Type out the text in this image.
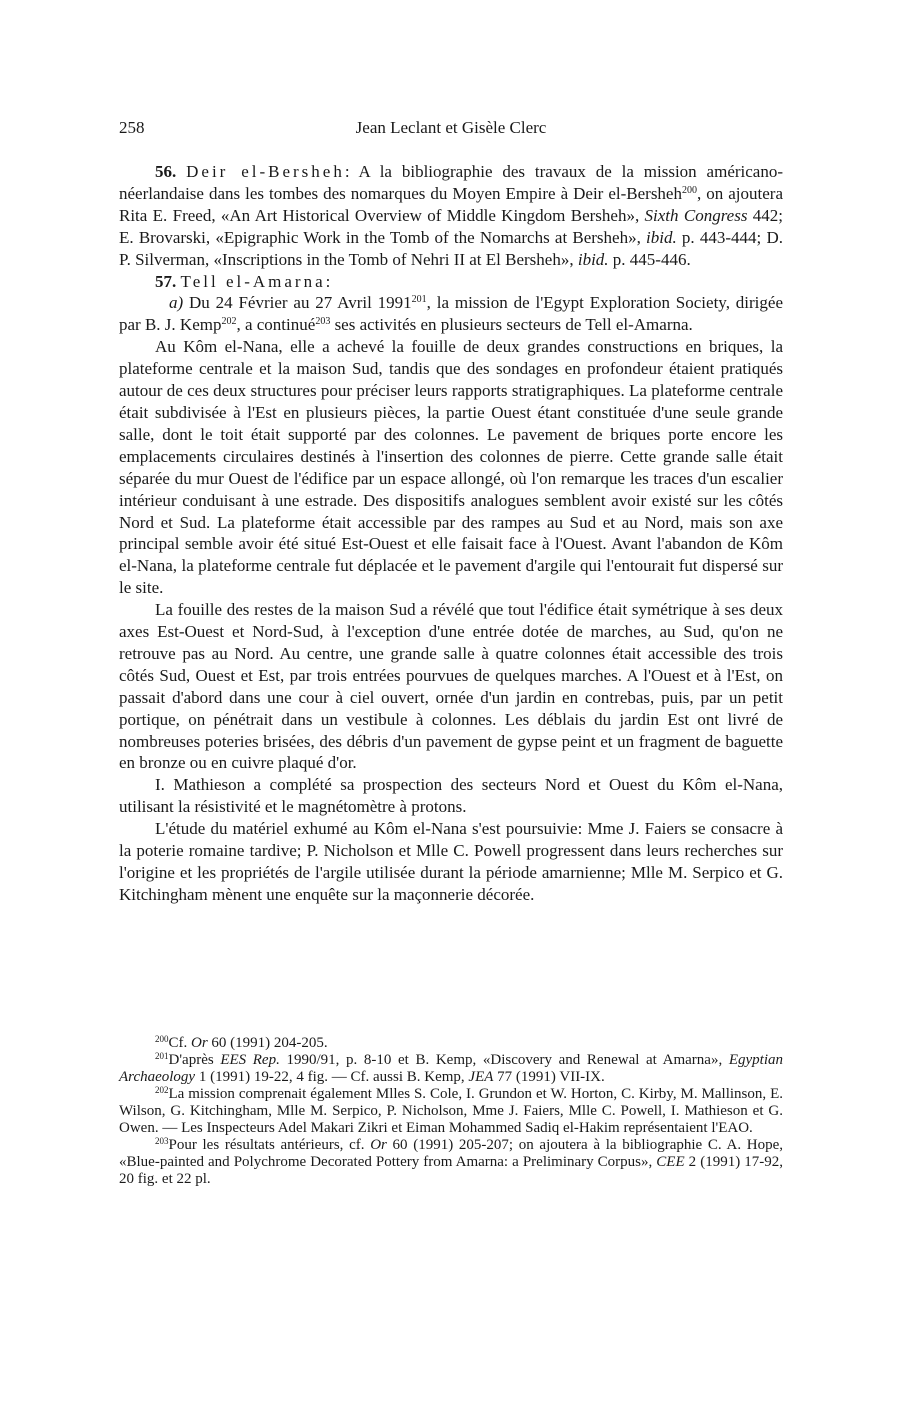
258	Jean Leclant et Gisèle Clerc

56. Deir el-Bersheh: A la bibliographie des travaux de la mission américano-néerlandaise dans les tombes des nomarques du Moyen Empire à Deir el-Bersheh$^{200}$, on ajoutera Rita E. Freed, «An Art Historical Overview of Middle Kingdom Bersheh», Sixth Congress 442; E. Brovarski, «Epigraphic Work in the Tomb of the Nomarchs at Bersheh», ibid. p. 443-444; D. P. Silverman, «Inscriptions in the Tomb of Nehri II at El Bersheh», ibid. p. 445-446.

57. Tell el-Amarna:

a) Du 24 Février au 27 Avril 1991$^{201}$, la mission de l'Egypt Exploration Society, dirigée par B. J. Kemp$^{202}$, a continué$^{203}$ ses activités en plusieurs secteurs de Tell el-Amarna.

Au Kôm el-Nana, elle a achevé la fouille de deux grandes constructions en briques, la plateforme centrale et la maison Sud, tandis que des sondages en profondeur étaient pratiqués autour de ces deux structures pour préciser leurs rapports stratigraphiques. La plateforme centrale était subdivisée à l'Est en plusieurs pièces, la partie Ouest étant constituée d'une seule grande salle, dont le toit était supporté par des colonnes. Le pavement de briques porte encore les emplacements circulaires destinés à l'insertion des colonnes de pierre. Cette grande salle était séparée du mur Ouest de l'édifice par un espace allongé, où l'on remarque les traces d'un escalier intérieur conduisant à une estrade. Des dispositifs analogues semblent avoir existé sur les côtés Nord et Sud. La plateforme était accessible par des rampes au Sud et au Nord, mais son axe principal semble avoir été situé Est-Ouest et elle faisait face à l'Ouest. Avant l'abandon de Kôm el-Nana, la plateforme centrale fut déplacée et le pavement d'argile qui l'entourait fut dispersé sur le site.

La fouille des restes de la maison Sud a révélé que tout l'édifice était symétrique à ses deux axes Est-Ouest et Nord-Sud, à l'exception d'une entrée dotée de marches, au Sud, qu'on ne retrouve pas au Nord. Au centre, une grande salle à quatre colonnes était accessible des trois côtés Sud, Ouest et Est, par trois entrées pourvues de quelques marches. A l'Ouest et à l'Est, on passait d'abord dans une cour à ciel ouvert, ornée d'un jardin en contrebas, puis, par un petit portique, on pénétrait dans un vestibule à colonnes. Les déblais du jardin Est ont livré de nombreuses poteries brisées, des débris d'un pavement de gypse peint et un fragment de baguette en bronze ou en cuivre plaqué d'or.

I. Mathieson a complété sa prospection des secteurs Nord et Ouest du Kôm el-Nana, utilisant la résistivité et le magnétomètre à protons.

L'étude du matériel exhumé au Kôm el-Nana s'est poursuivie: Mme J. Faiers se consacre à la poterie romaine tardive; P. Nicholson et Mlle C. Powell progressent dans leurs recherches sur l'origine et les propriétés de l'argile utilisée durant la période amarnienne; Mlle M. Serpico et G. Kitchingham mènent une enquête sur la maçonnerie décorée.

$^{200}$Cf. Or 60 (1991) 204-205.

$^{201}$D'après EES Rep. 1990/91, p. 8-10 et B. Kemp, «Discovery and Renewal at Amarna», Egyptian Archaeology 1 (1991) 19-22, 4 fig. — Cf. aussi B. Kemp, JEA 77 (1991) VII-IX.

$^{202}$La mission comprenait également Mlles S. Cole, I. Grundon et W. Horton, C. Kirby, M. Mallinson, E. Wilson, G. Kitchingham, Mlle M. Serpico, P. Nicholson, Mme J. Faiers, Mlle C. Powell, I. Mathieson et G. Owen. — Les Inspecteurs Adel Makari Zikri et Eiman Mohammed Sadiq el-Hakim représentaient l'EAO.

$^{203}$Pour les résultats antérieurs, cf. Or 60 (1991) 205-207; on ajoutera à la bibliographie C. A. Hope, «Blue-painted and Polychrome Decorated Pottery from Amarna: a Preliminary Corpus», CEE 2 (1991) 17-92, 20 fig. et 22 pl.
